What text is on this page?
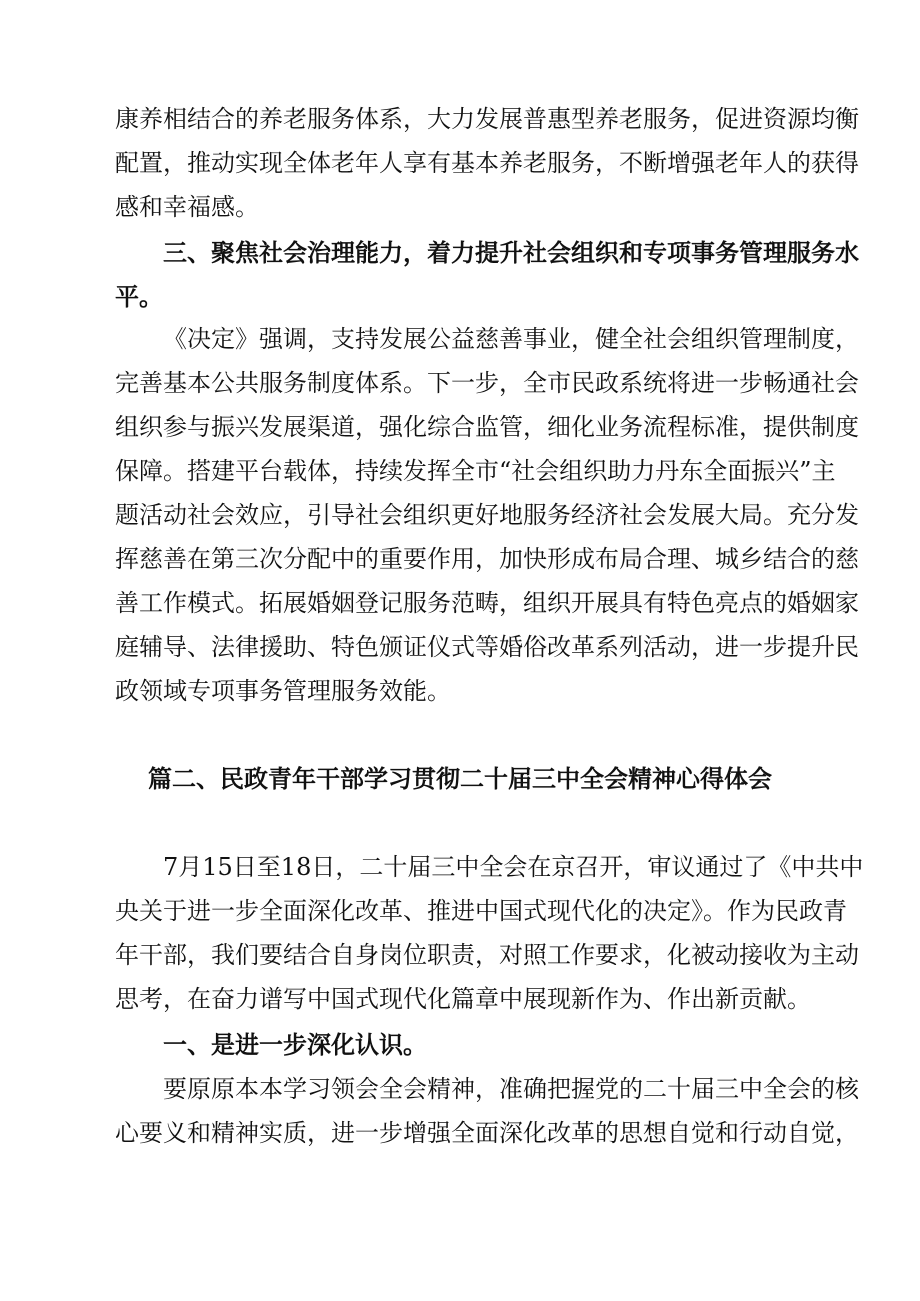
康养相结合的养老服务体系，大力发展普惠型养老服务，促进资源均衡
配置，推动实现全体老年人享有基本养老服务，不断增强老年人的获得
感和幸福感。
三、聚焦社会治理能力，着力提升社会组织和专项事务管理服务水
平。
《决定》强调，支持发展公益慈善事业，健全社会组织管理制度，
完善基本公共服务制度体系。下一步，全市民政系统将进一步畅通社会
组织参与振兴发展渠道，强化综合监管，细化业务流程标准，提供制度
保障。搭建平台载体，持续发挥全市“社会组织助力丹东全面振兴”主
题活动社会效应，引导社会组织更好地服务经济社会发展大局。充分发
挥慈善在第三次分配中的重要作用，加快形成布局合理、城乡结合的慈
善工作模式。拓展婚姻登记服务范畴，组织开展具有特色亮点的婚姻家
庭辅导、法律援助、特色颁证仪式等婚俗改革系列活动，进一步提升民
政领域专项事务管理服务效能。
篇二、民政青年干部学习贯彻二十届三中全会精神心得体会
7月15日至18日，二十届三中全会在京召开，审议通过了《中共中
央关于进一步全面深化改革、推进中国式现代化的决定》。作为民政青
年干部，我们要结合自身岗位职责，对照工作要求，化被动接收为主动
思考，在奋力谱写中国式现代化篇章中展现新作为、作出新贡献。
一、是进一步深化认识。
要原原本本学习领会全会精神，准确把握党的二十届三中全会的核
心要义和精神实质，进一步增强全面深化改革的思想自觉和行动自觉，
